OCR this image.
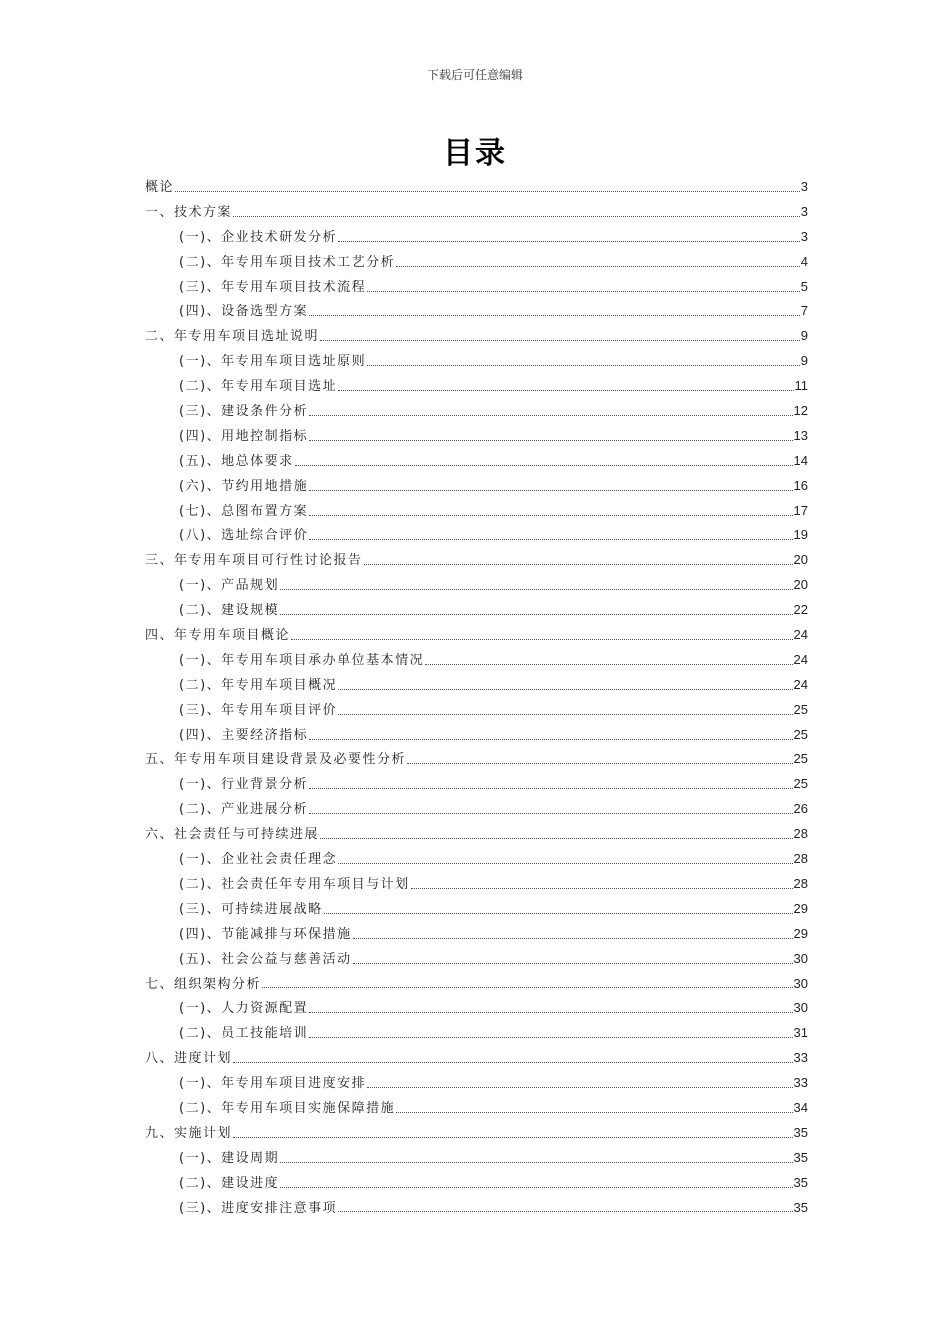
下载后可任意编辑
目录
概论	3
一、技术方案	3
(一)、企业技术研发分析	3
(二)、年专用车项目技术工艺分析	4
(三)、年专用车项目技术流程	5
(四)、设备选型方案	7
二、年专用车项目选址说明	9
(一)、年专用车项目选址原则	9
(二)、年专用车项目选址	11
(三)、建设条件分析	12
(四)、用地控制指标	13
(五)、地总体要求	14
(六)、节约用地措施	16
(七)、总图布置方案	17
(八)、选址综合评价	19
三、年专用车项目可行性讨论报告	20
(一)、产品规划	20
(二)、建设规模	22
四、年专用车项目概论	24
(一)、年专用车项目承办单位基本情况	24
(二)、年专用车项目概况	24
(三)、年专用车项目评价	25
(四)、主要经济指标	25
五、年专用车项目建设背景及必要性分析	25
(一)、行业背景分析	25
(二)、产业进展分析	26
六、社会责任与可持续进展	28
(一)、企业社会责任理念	28
(二)、社会责任年专用车项目与计划	28
(三)、可持续进展战略	29
(四)、节能减排与环保措施	29
(五)、社会公益与慈善活动	30
七、组织架构分析	30
(一)、人力资源配置	30
(二)、员工技能培训	31
八、进度计划	33
(一)、年专用车项目进度安排	33
(二)、年专用车项目实施保障措施	34
九、实施计划	35
(一)、建设周期	35
(二)、建设进度	35
(三)、进度安排注意事项	35
